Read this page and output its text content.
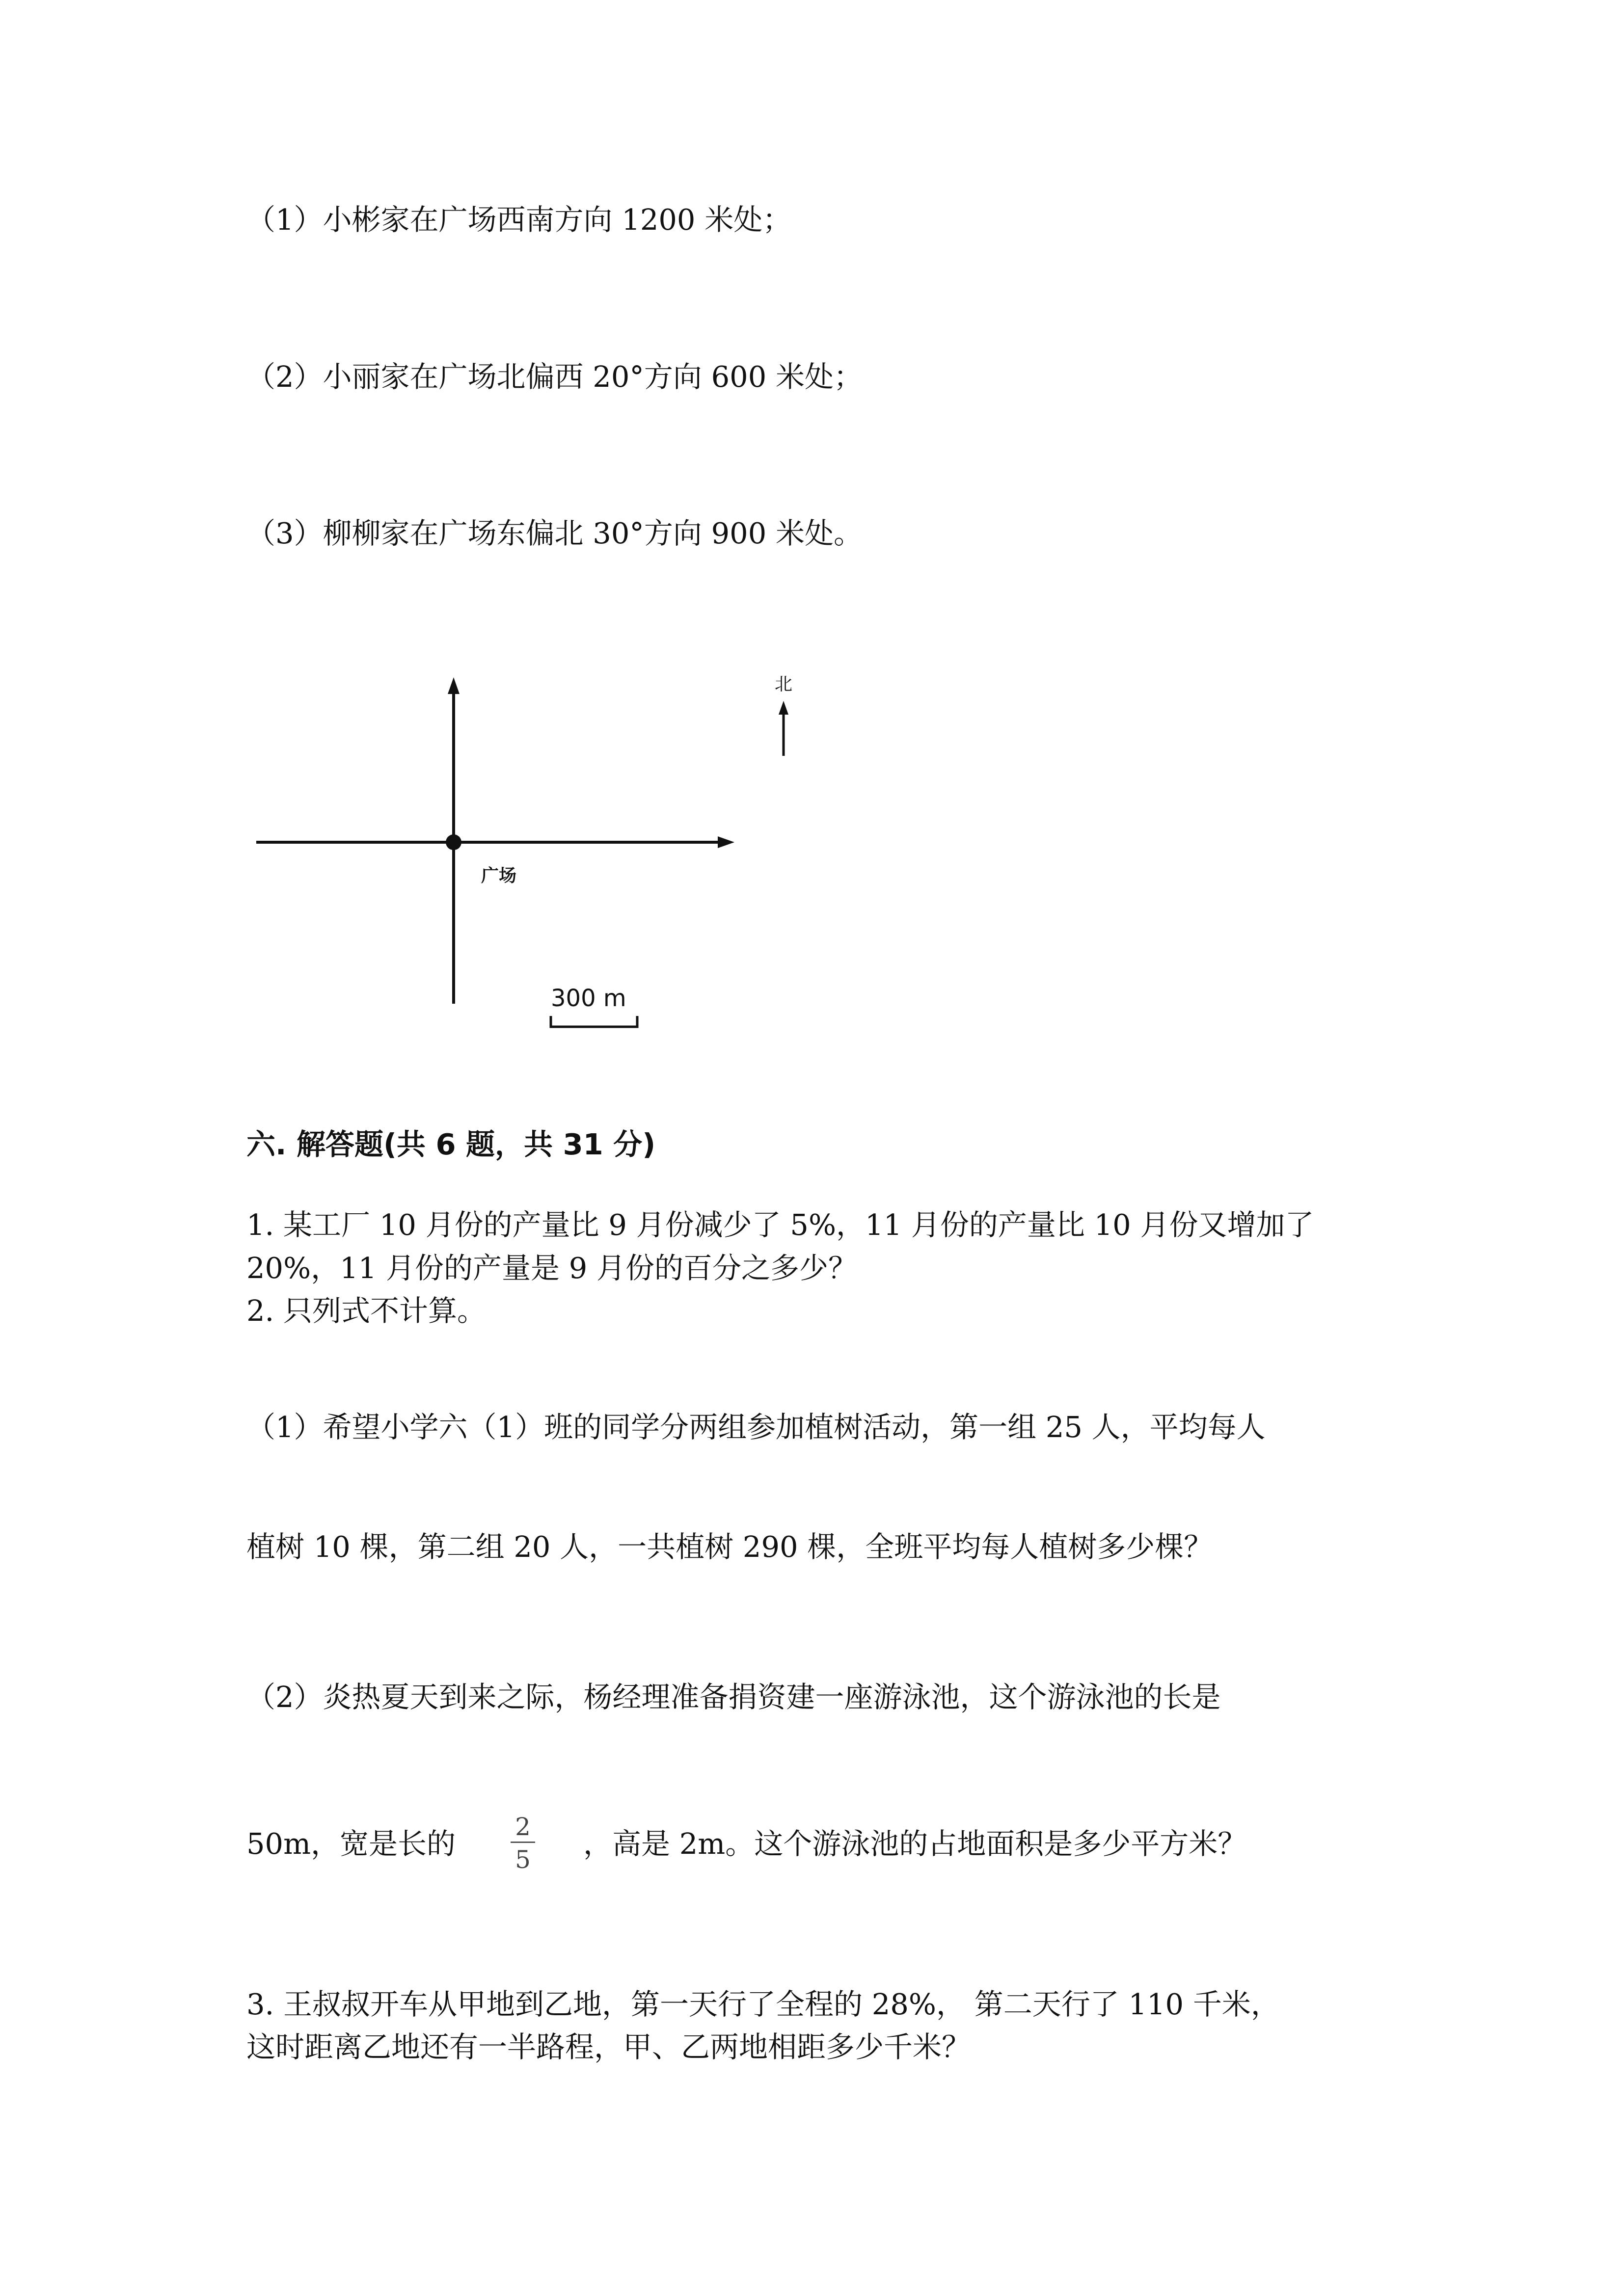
（1）小彬家在广场西南方向 1200 米处；
（2）小丽家在广场北偏西 20°方向 600 米处；
（3）柳柳家在广场东偏北 30°方向 900 米处。
北
广场
300 m
六. 解答题(共 6 题，共 31 分)
1. 某工厂 10 月份的产量比 9 月份减少了 5%，11 月份的产量比 10 月份又增加了
20%，11 月份的产量是 9 月份的百分之多少？
2. 只列式不计算。
（1）希望小学六（1）班的同学分两组参加植树活动，第一组 25 人，平均每人
植树 10 棵，第二组 20 人，一共植树 290 棵，全班平均每人植树多少棵？
（2）炎热夏天到来之际，杨经理准备捐资建一座游泳池，这个游泳池的长是
50m，宽是长的 2
5 ，高是 2m。这个游泳池的占地面积是多少平方米？
3. 王叔叔开车从甲地到乙地，第一天行了全程的 28%， 第二天行了 110 千米，
这时距离乙地还有一半路程，甲、乙两地相距多少千米？
